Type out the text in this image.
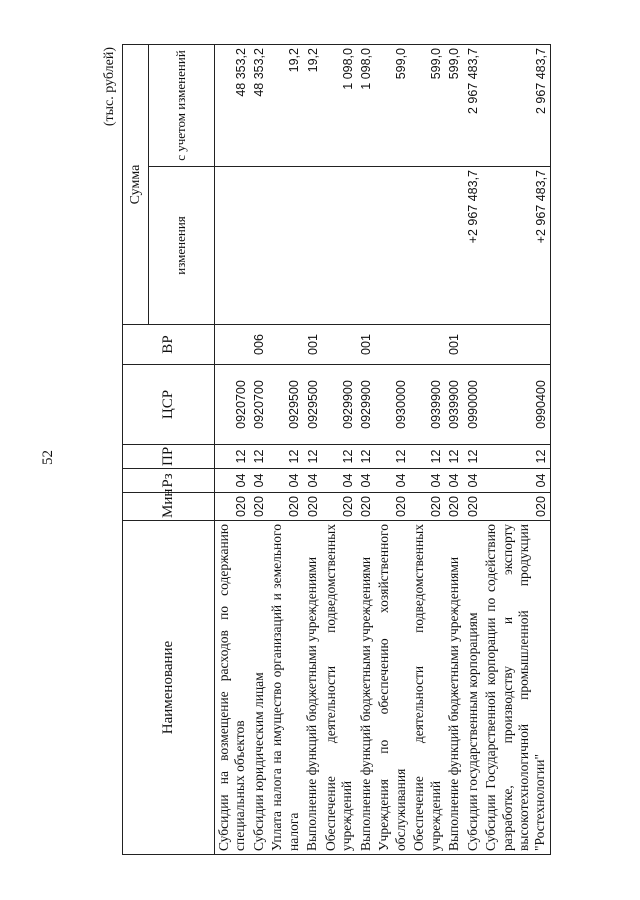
52
(тыс. рублей)
Наименование	Мин	Рз	ПР	ЦСР	ВР	Сумма	
						изменения	с учетом изменений
Субсидии на возмещение расходов по содержанию специальных объектов	020	04	12	0920700			48 353,2
Субсидии юридическим лицам	020	04	12	0920700	006		48 353,2
Уплата налога на имущество организаций и земельного налога	020	04	12	0929500			19,2
Выполнение функций бюджетными учреждениями	020	04	12	0929500	001		19,2
Обеспечение деятельности подведомственных учреждений	020	04	12	0929900			1 098,0
Выполнение функций бюджетными учреждениями	020	04	12	0929900	001		1 098,0
Учреждения по обеспечению хозяйственного обслуживания	020	04	12	0930000			599,0
Обеспечение деятельности подведомственных учреждений	020	04	12	0939900			599,0
Выполнение функций бюджетными учреждениями	020	04	12	0939900	001		599,0
Субсидии государственным корпорациям	020	04	12	0990000		+2 967 483,7	2 967 483,7
Субсидии Государственной корпорации по содействию разработке, производству и экспорту высокотехнологичной промышленной продукции "Ростехнологии"	020	04	12	0990400		+2 967 483,7	2 967 483,7
